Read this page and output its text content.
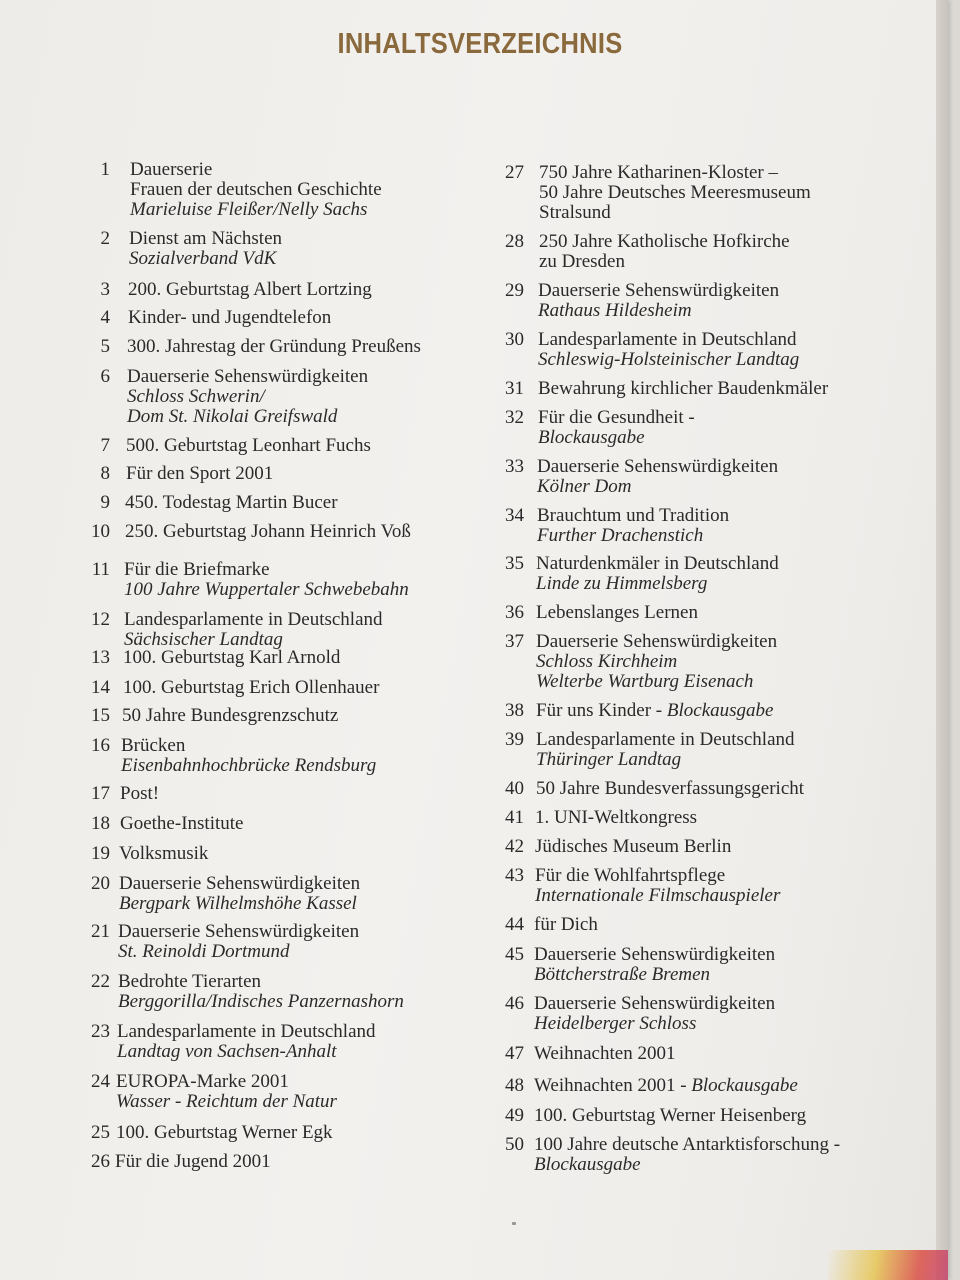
INHALTSVERZEICHNIS
1 Dauerserie
Frauen der deutschen Geschichte
Marieluise Fleißer/Nelly Sachs
2 Dienst am Nächsten
Sozialverband VdK
3 200. Geburtstag Albert Lortzing
4 Kinder- und Jugendtelefon
5 300. Jahrestag der Gründung Preußens
6 Dauerserie Sehenswürdigkeiten
Schloss Schwerin/
Dom St. Nikolai Greifswald
7 500. Geburtstag Leonhart Fuchs
8 Für den Sport 2001
9 450. Todestag Martin Bucer
10 250. Geburtstag Johann Heinrich Voß
11 Für die Briefmarke
100 Jahre Wuppertaler Schwebebahn
12 Landesparlamente in Deutschland
Sächsischer Landtag
13 100. Geburtstag Karl Arnold
14 100. Geburtstag Erich Ollenhauer
15 50 Jahre Bundesgrenzschutz
16 Brücken
Eisenbahnhochbrücke Rendsburg
17 Post!
18 Goethe-Institute
19 Volksmusik
20 Dauerserie Sehenswürdigkeiten
Bergpark Wilhelmshöhe Kassel
21 Dauerserie Sehenswürdigkeiten
St. Reinoldi Dortmund
22 Bedrohte Tierarten
Berggorilla/Indisches Panzernashorn
23 Landesparlamente in Deutschland
Landtag von Sachsen-Anhalt
24 EUROPA-Marke 2001
Wasser - Reichtum der Natur
25 100. Geburtstag Werner Egk
26 Für die Jugend 2001
27 750 Jahre Katharinen-Kloster –
50 Jahre Deutsches Meeresmuseum
Stralsund
28 250 Jahre Katholische Hofkirche
zu Dresden
29 Dauerserie Sehenswürdigkeiten
Rathaus Hildesheim
30 Landesparlamente in Deutschland
Schleswig-Holsteinischer Landtag
31 Bewahrung kirchlicher Baudenkmäler
32 Für die Gesundheit -
Blockausgabe
33 Dauerserie Sehenswürdigkeiten
Kölner Dom
34 Brauchtum und Tradition
Further Drachenstich
35 Naturdenkmäler in Deutschland
Linde zu Himmelsberg
36 Lebenslanges Lernen
37 Dauerserie Sehenswürdigkeiten
Schloss Kirchheim
Welterbe Wartburg Eisenach
38 Für uns Kinder - Blockausgabe
39 Landesparlamente in Deutschland
Thüringer Landtag
40 50 Jahre Bundesverfassungsgericht
41 1. UNI-Weltkongress
42 Jüdisches Museum Berlin
43 Für die Wohlfahrtspflege
Internationale Filmschauspieler
44 für Dich
45 Dauerserie Sehenswürdigkeiten
Böttcherstraße Bremen
46 Dauerserie Sehenswürdigkeiten
Heidelberger Schloss
47 Weihnachten 2001
48 Weihnachten 2001 - Blockausgabe
49 100. Geburtstag Werner Heisenberg
50 100 Jahre deutsche Antarktisforschung -
Blockausgabe
